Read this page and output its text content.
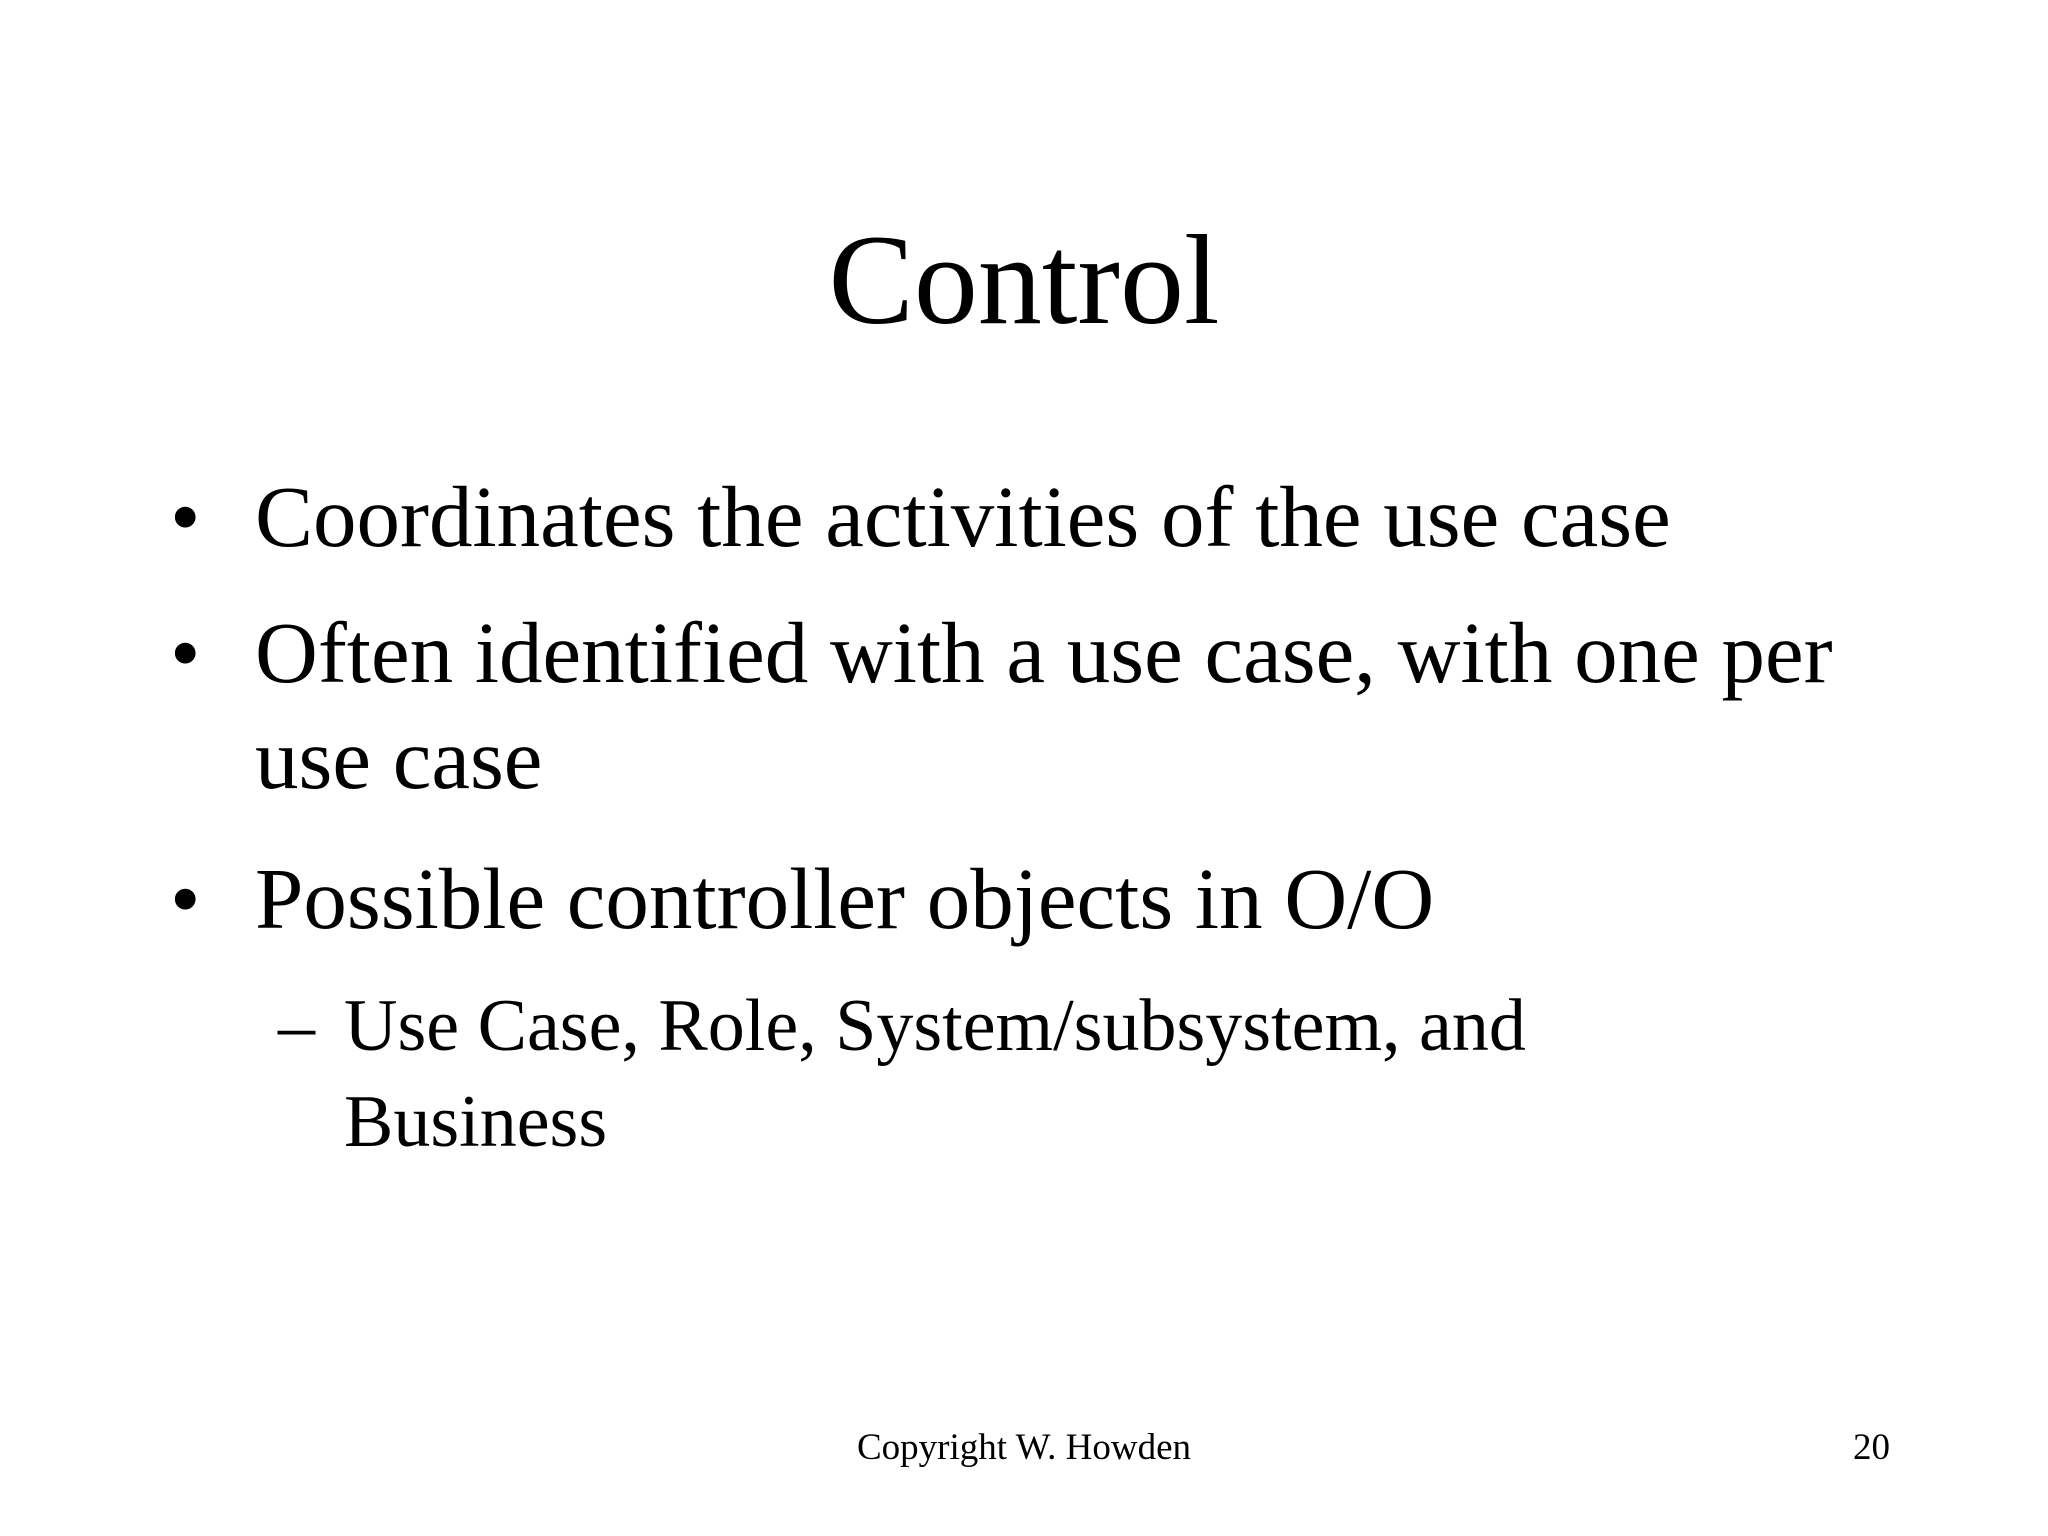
Control
• Coordinates the activities of the use case
• Often identified with a use case, with one per use case
• Possible controller objects in O/O
– Use Case, Role, System/subsystem, and Business
Copyright W. Howden	20
